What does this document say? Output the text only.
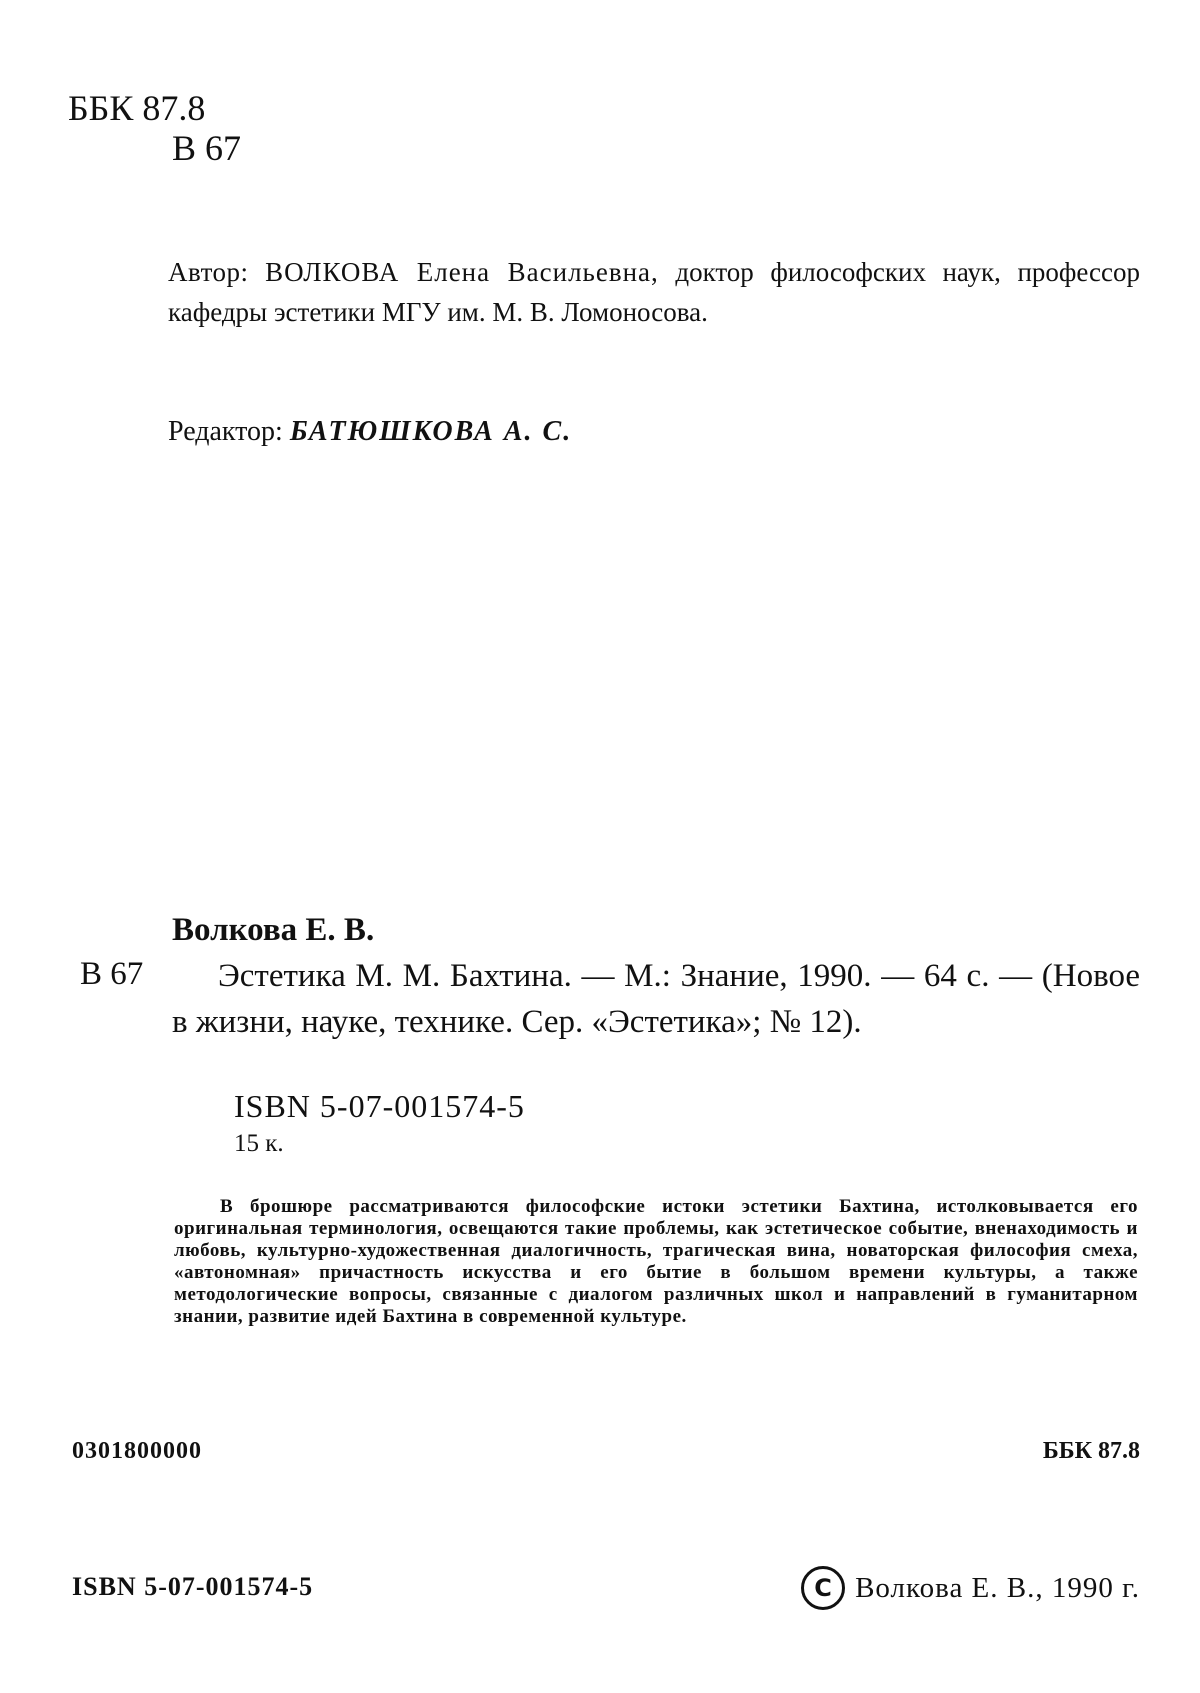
ББК 87.8
В 67
Автор: ВОЛКОВА Елена Васильевна, доктор философских наук, профессор кафедры эстетики МГУ им. М. В. Ломоносова.
Редактор: БАТЮШКОВА А. С.
Волкова Е. В.
В 67	Эстетика М. М. Бахтина. — М.: Знание, 1990. — 64 с. — (Новое в жизни, науке, технике. Сер. «Эстетика»; № 12).
ISBN 5-07-001574-5
15 к.
В брошюре рассматриваются философские истоки эстетики Бахтина, истолковывается его оригинальная терминология, освещаются такие проблемы, как эстетическое событие, вненаходимость и любовь, культурно-художественная диалогичность, трагическая вина, новаторская философия смеха, «автономная» причастность искусства и его бытие в большом времени культуры, а также методологические вопросы, связанные с диалогом различных школ и направлений в гуманитарном знании, развитие идей Бахтина в современной культуре.
0301800000	ББК 87.8
ISBN 5-07-001574-5	C Волкова Е. В., 1990 г.
